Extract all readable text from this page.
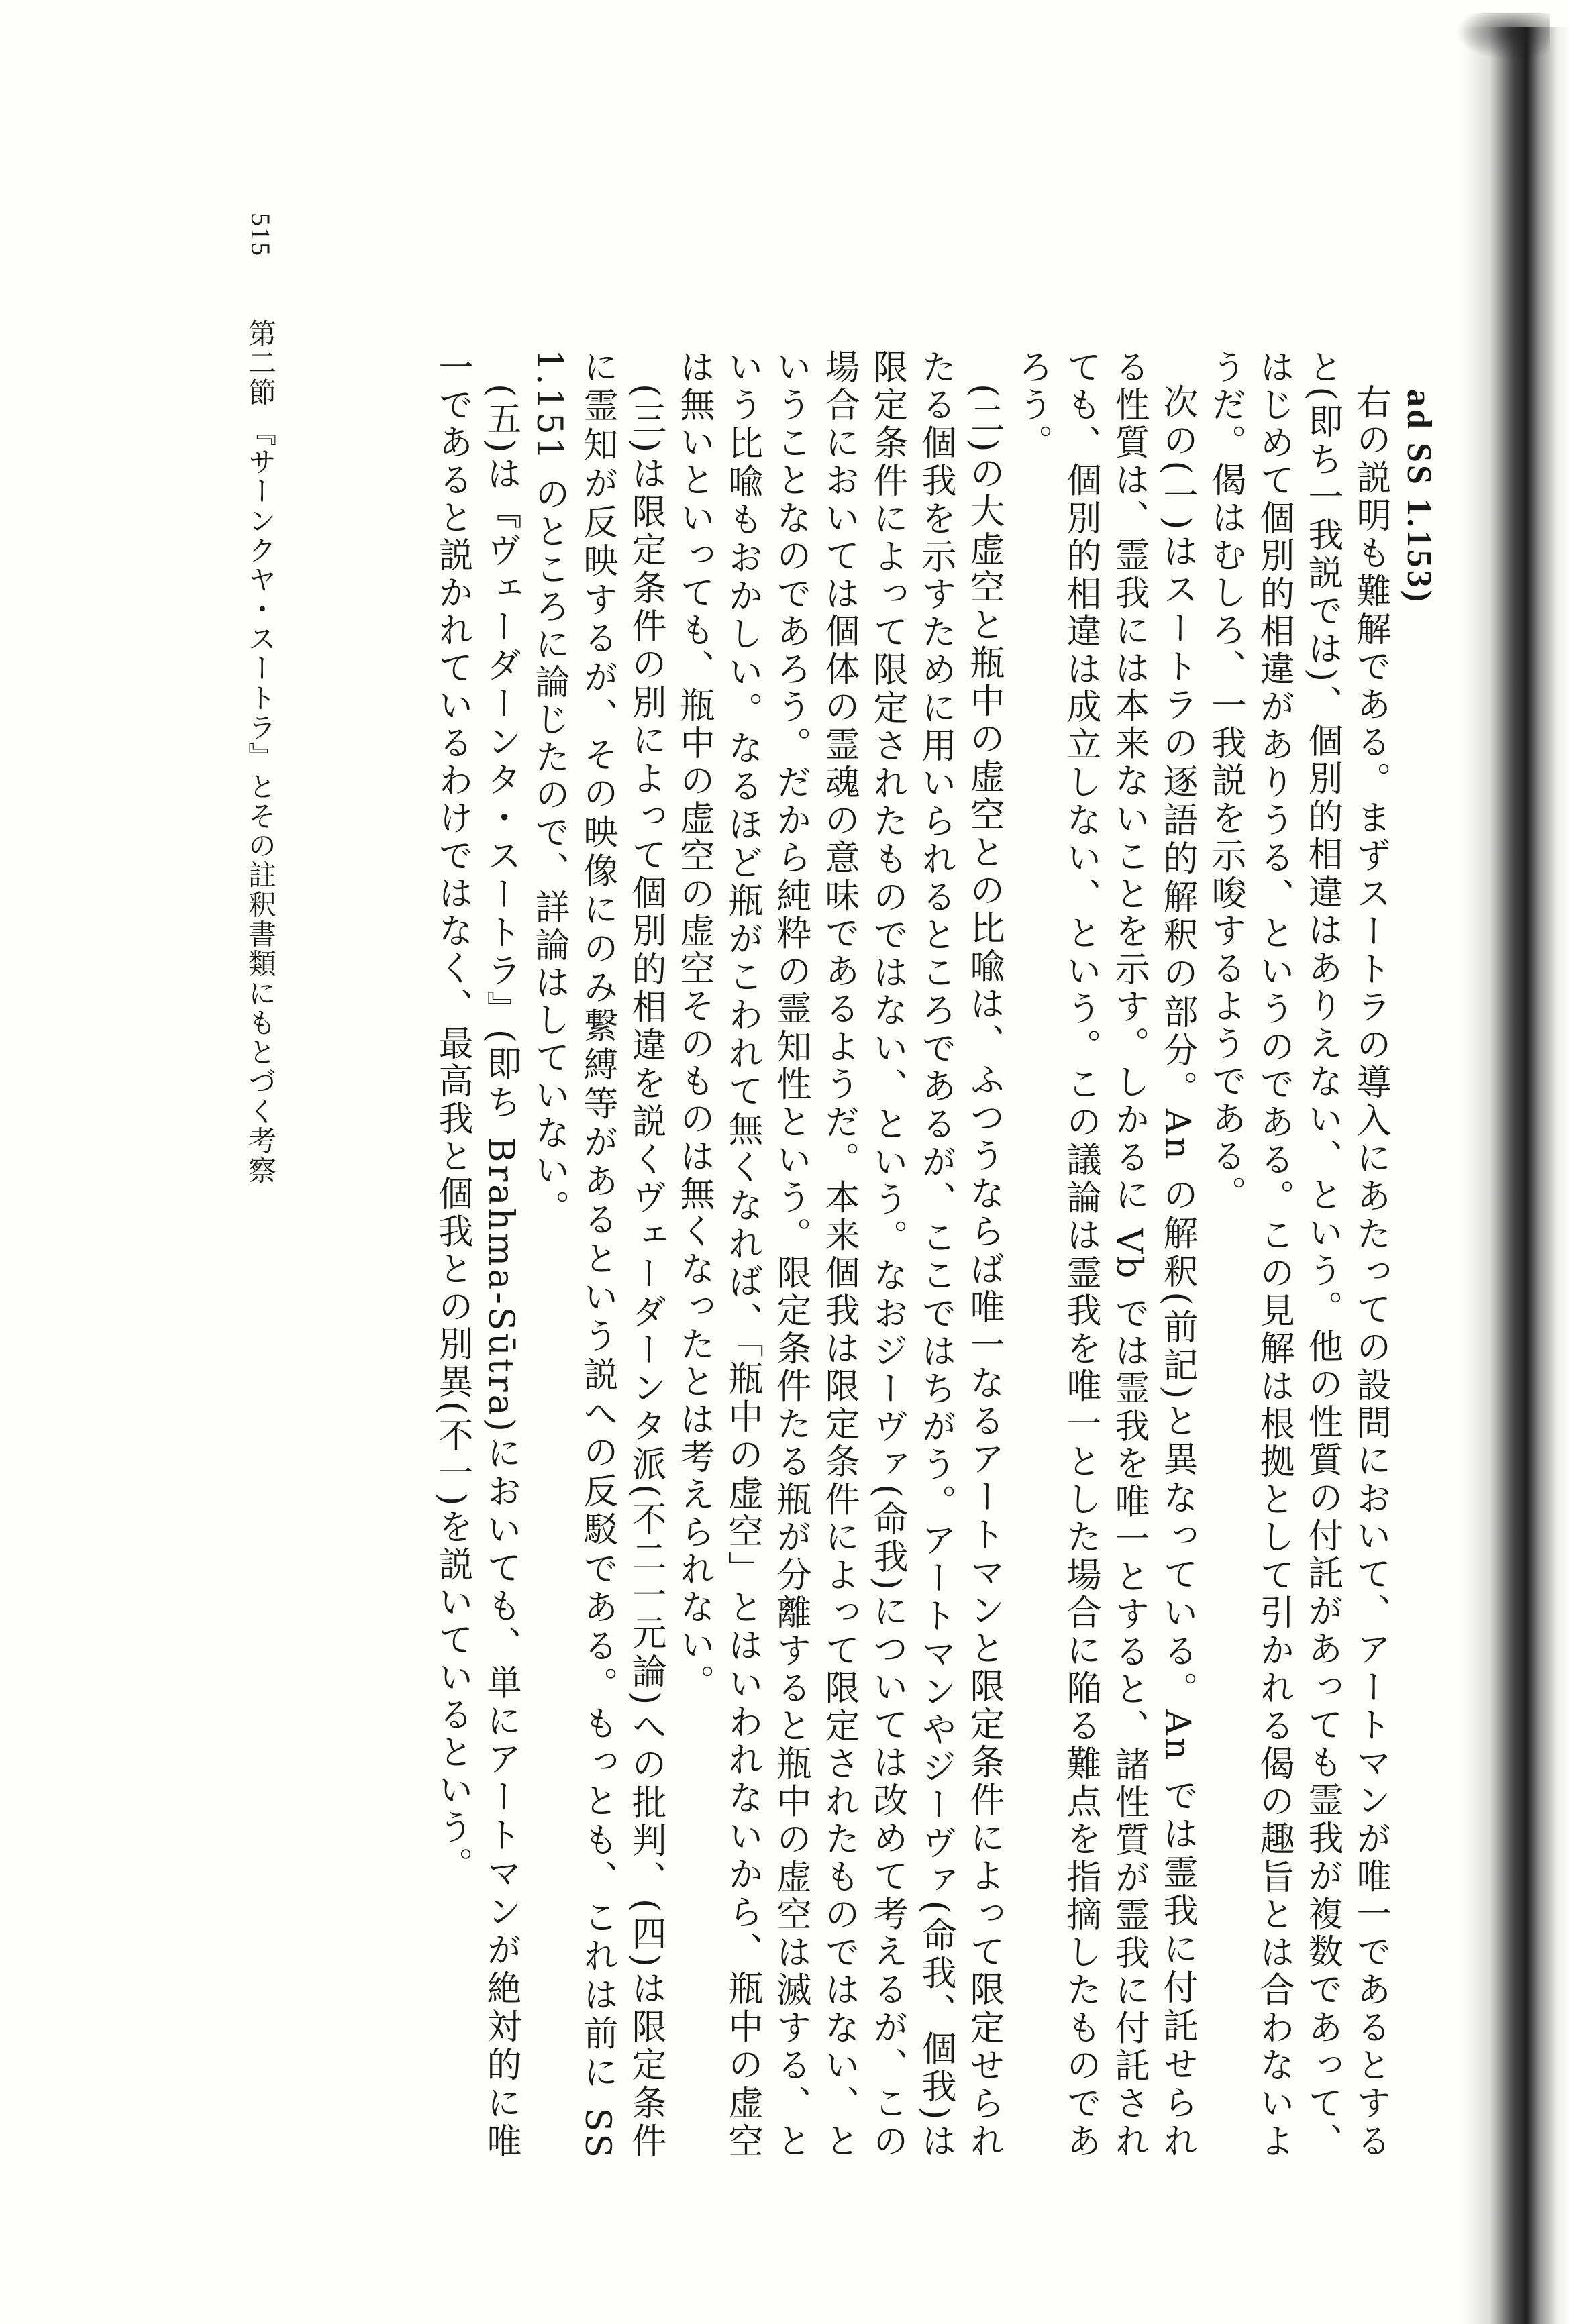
515 第二節 『サーンクヤ・スートラ』とその註釈書類にもとづく考察	ad SS 1.153)

右の説明も難解である。まずスートラの導入にあたっての設問において、アートマンが唯一であるとすると(即ち一我説では)、個別的相違はありえない、という。他の性質の付託があっても霊我が複数であって、はじめて個別的相違がありうる、というのである。この見解は根拠として引かれる偈の趣旨とは合わないようだ。偈はむしろ、一我説を示唆するようである。

次の(一)はスートラの逐語的解釈の部分。An の解釈(前記)と異なっている。An では霊我に付託せられる性質は、霊我には本来ないことを示す。しかるに Vb では霊我を唯一とすると、諸性質が霊我に付託されても、個別的相違は成立しない、という。この議論は霊我を唯一とした場合に陥る難点を指摘したものであろう。

(二)の大虚空と瓶中の虚空との比喩は、ふつうならば唯一なるアートマンと限定条件によって限定せられたる個我を示すために用いられるところであるが、ここではちがう。アートマンやジーヴァ(命我、個我)は限定条件によって限定されたものではない、という。なおジーヴァ(命我)については改めて考えるが、この場合においては個体の霊魂の意味であるようだ。本来個我は限定条件によって限定されたものではない、ということなのであろう。だから純粋の霊知性という。限定条件たる瓶が分離すると瓶中の虚空は滅する、という比喩もおかしい。なるほど瓶がこわれて無くなれば、「瓶中の虚空」とはいわれないから、瓶中の虚空は無いといっても、瓶中の虚空の虚空そのものは無くなったとは考えられない。

(三)は限定条件の別によって個別的相違を説くヴェーダーンタ派(不二一元論)への批判、(四)は限定条件に霊知が反映するが、その映像にのみ繋縛等があるという説への反駁である。もっとも、これは前に SS 1.151 のところに論じたので、詳論はしていない。

(五)は『ヴェーダーンタ・スートラ』(即ち Brahma-Sūtra)においても、単にアートマンが絶対的に唯一であると説かれているわけではなく、最高我と個我との別異(不一)を説いているという。
